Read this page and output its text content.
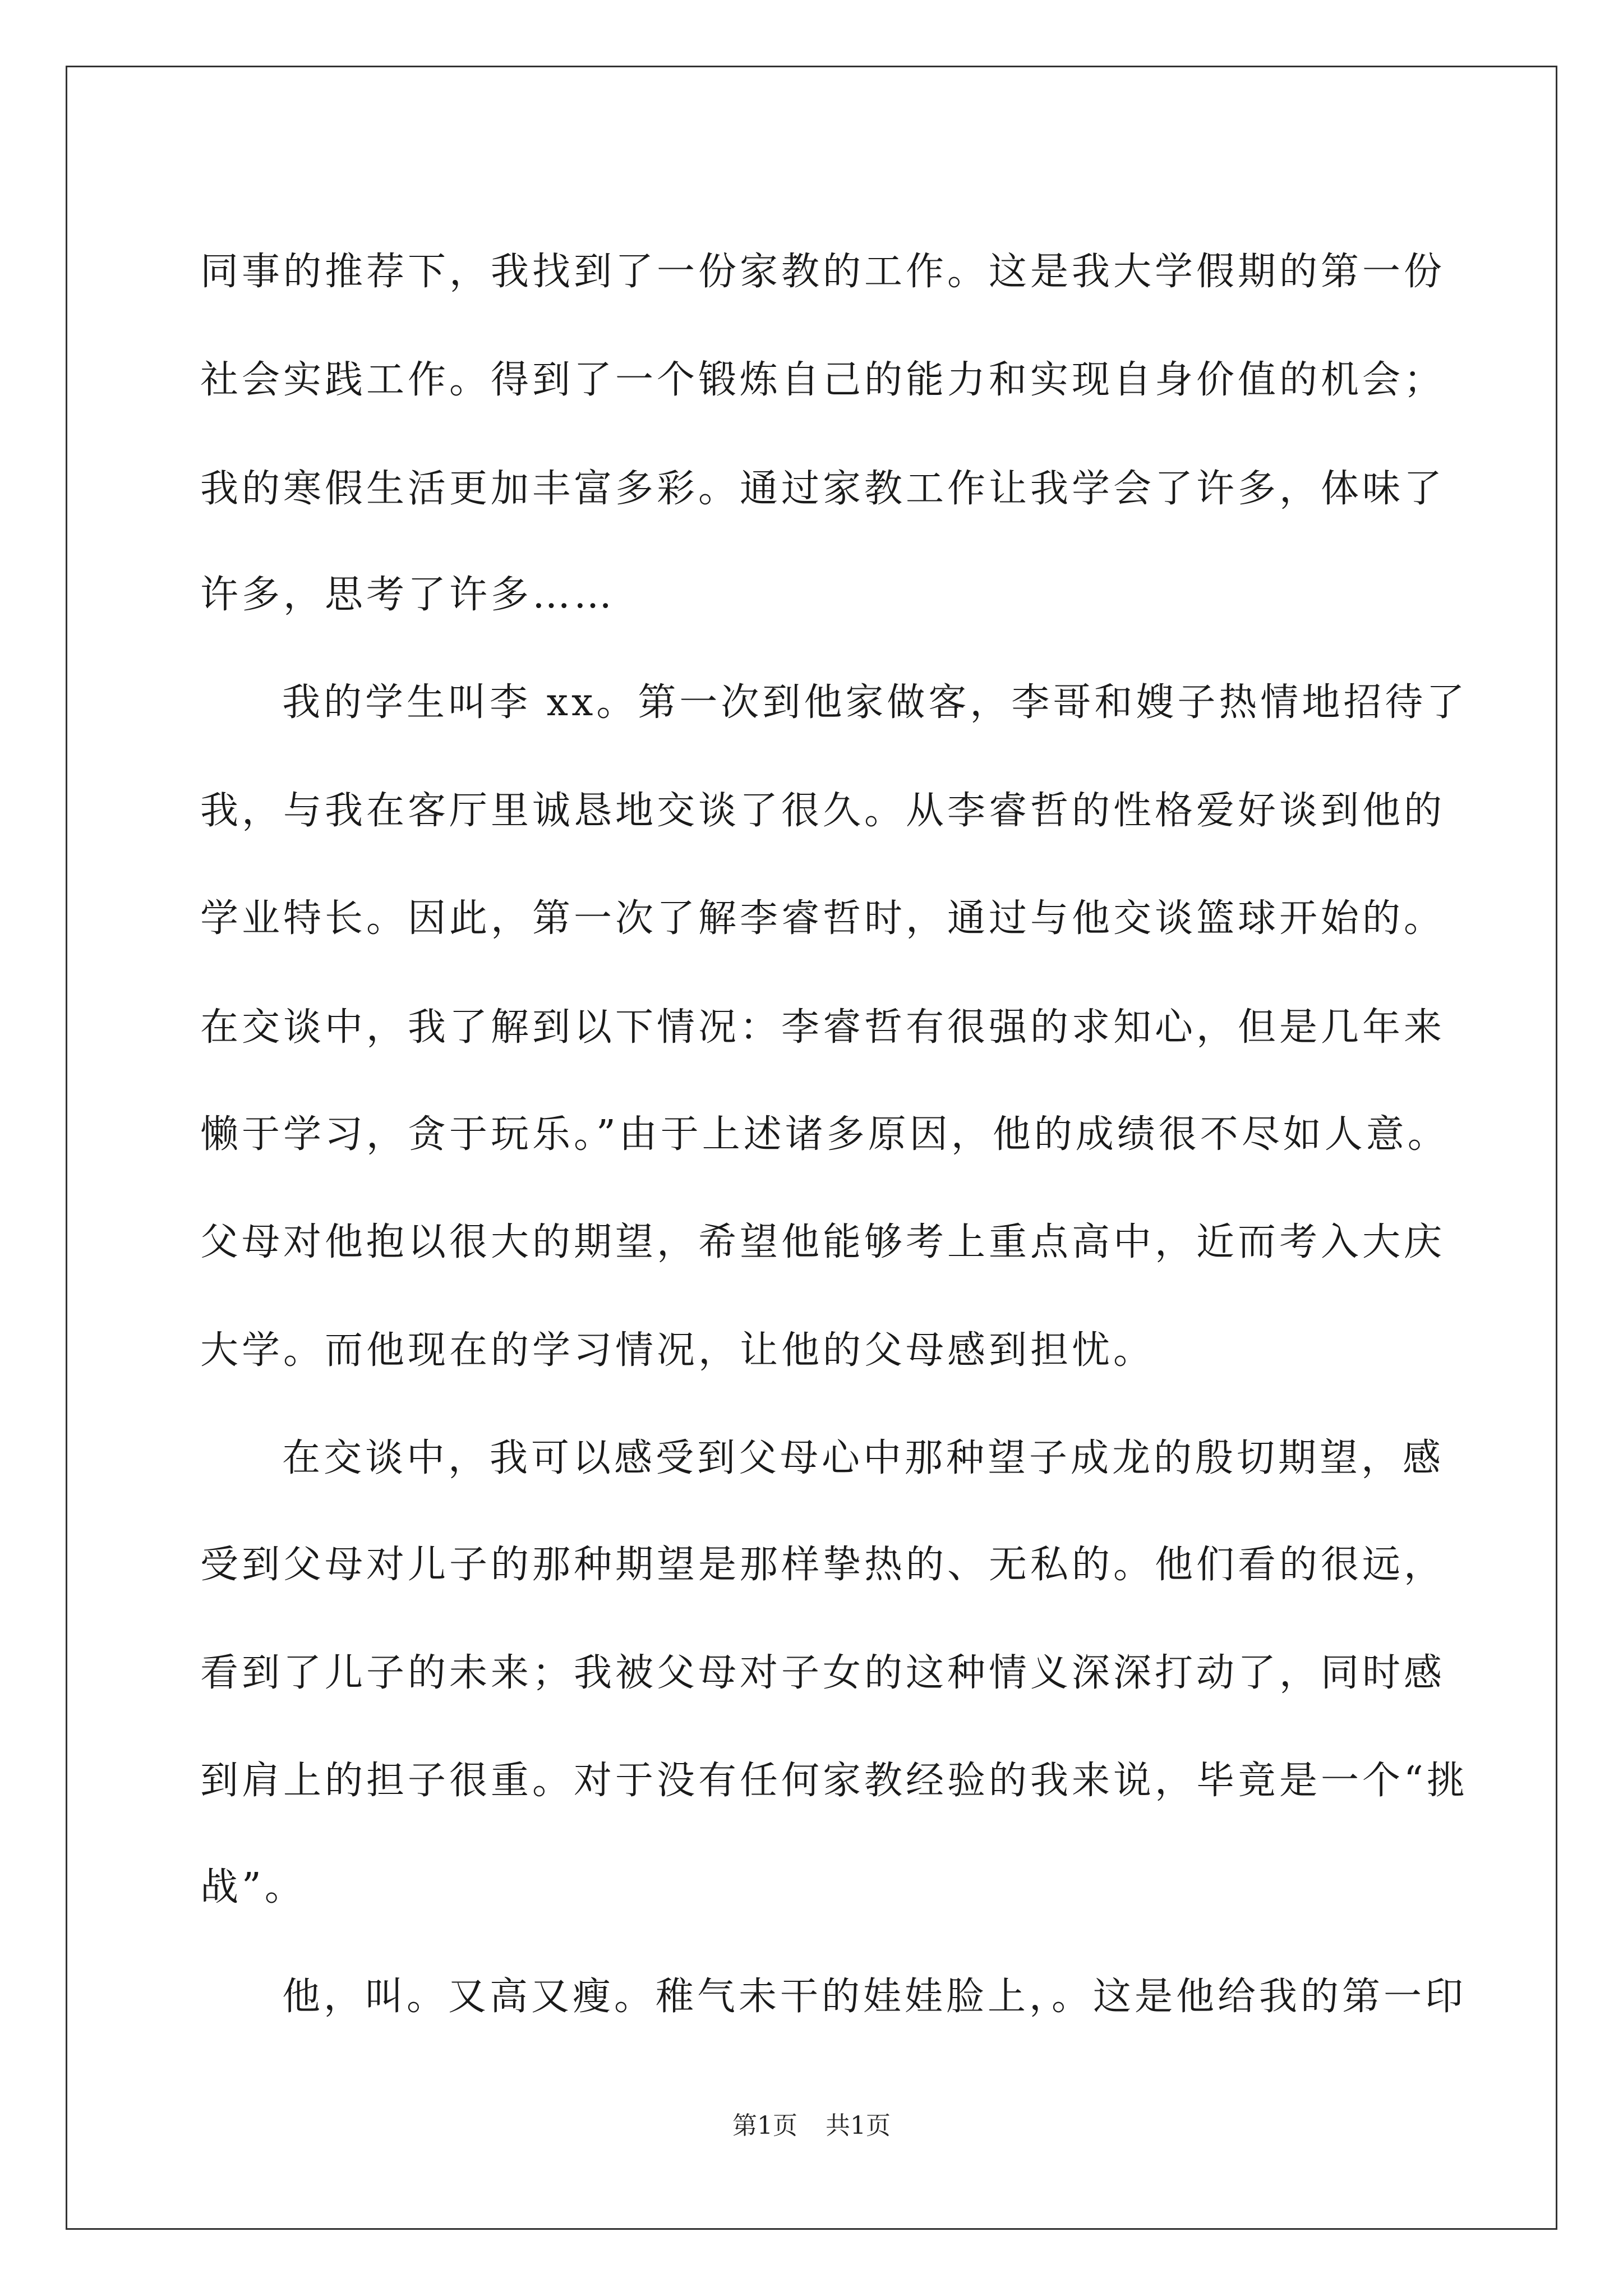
同事的推荐下，我找到了一份家教的工作。这是我大学假期的第一份
社会实践工作。得到了一个锻炼自己的能力和实现自身价值的机会；
我的寒假生活更加丰富多彩。通过家教工作让我学会了许多，体味了
许多，思考了许多……
我的学生叫李 xx。第一次到他家做客，李哥和嫂子热情地招待了
我，与我在客厅里诚恳地交谈了很久。从李睿哲的性格爱好谈到他的
学业特长。因此，第一次了解李睿哲时，通过与他交谈篮球开始的。
在交谈中，我了解到以下情况：李睿哲有很强的求知心，但是几年来
懒于学习，贪于玩乐。”由于上述诸多原因，他的成绩很不尽如人意。
父母对他抱以很大的期望，希望他能够考上重点高中，近而考入大庆
大学。而他现在的学习情况，让他的父母感到担忧。
在交谈中，我可以感受到父母心中那种望子成龙的殷切期望，感
受到父母对儿子的那种期望是那样挚热的、无私的。他们看的很远，
看到了儿子的未来；我被父母对子女的这种情义深深打动了，同时感
到肩上的担子很重。对于没有任何家教经验的我来说，毕竟是一个“挑
战”。
他，叫。又高又瘦。稚气未干的娃娃脸上，。这是他给我的第一印
第1页 共1页
